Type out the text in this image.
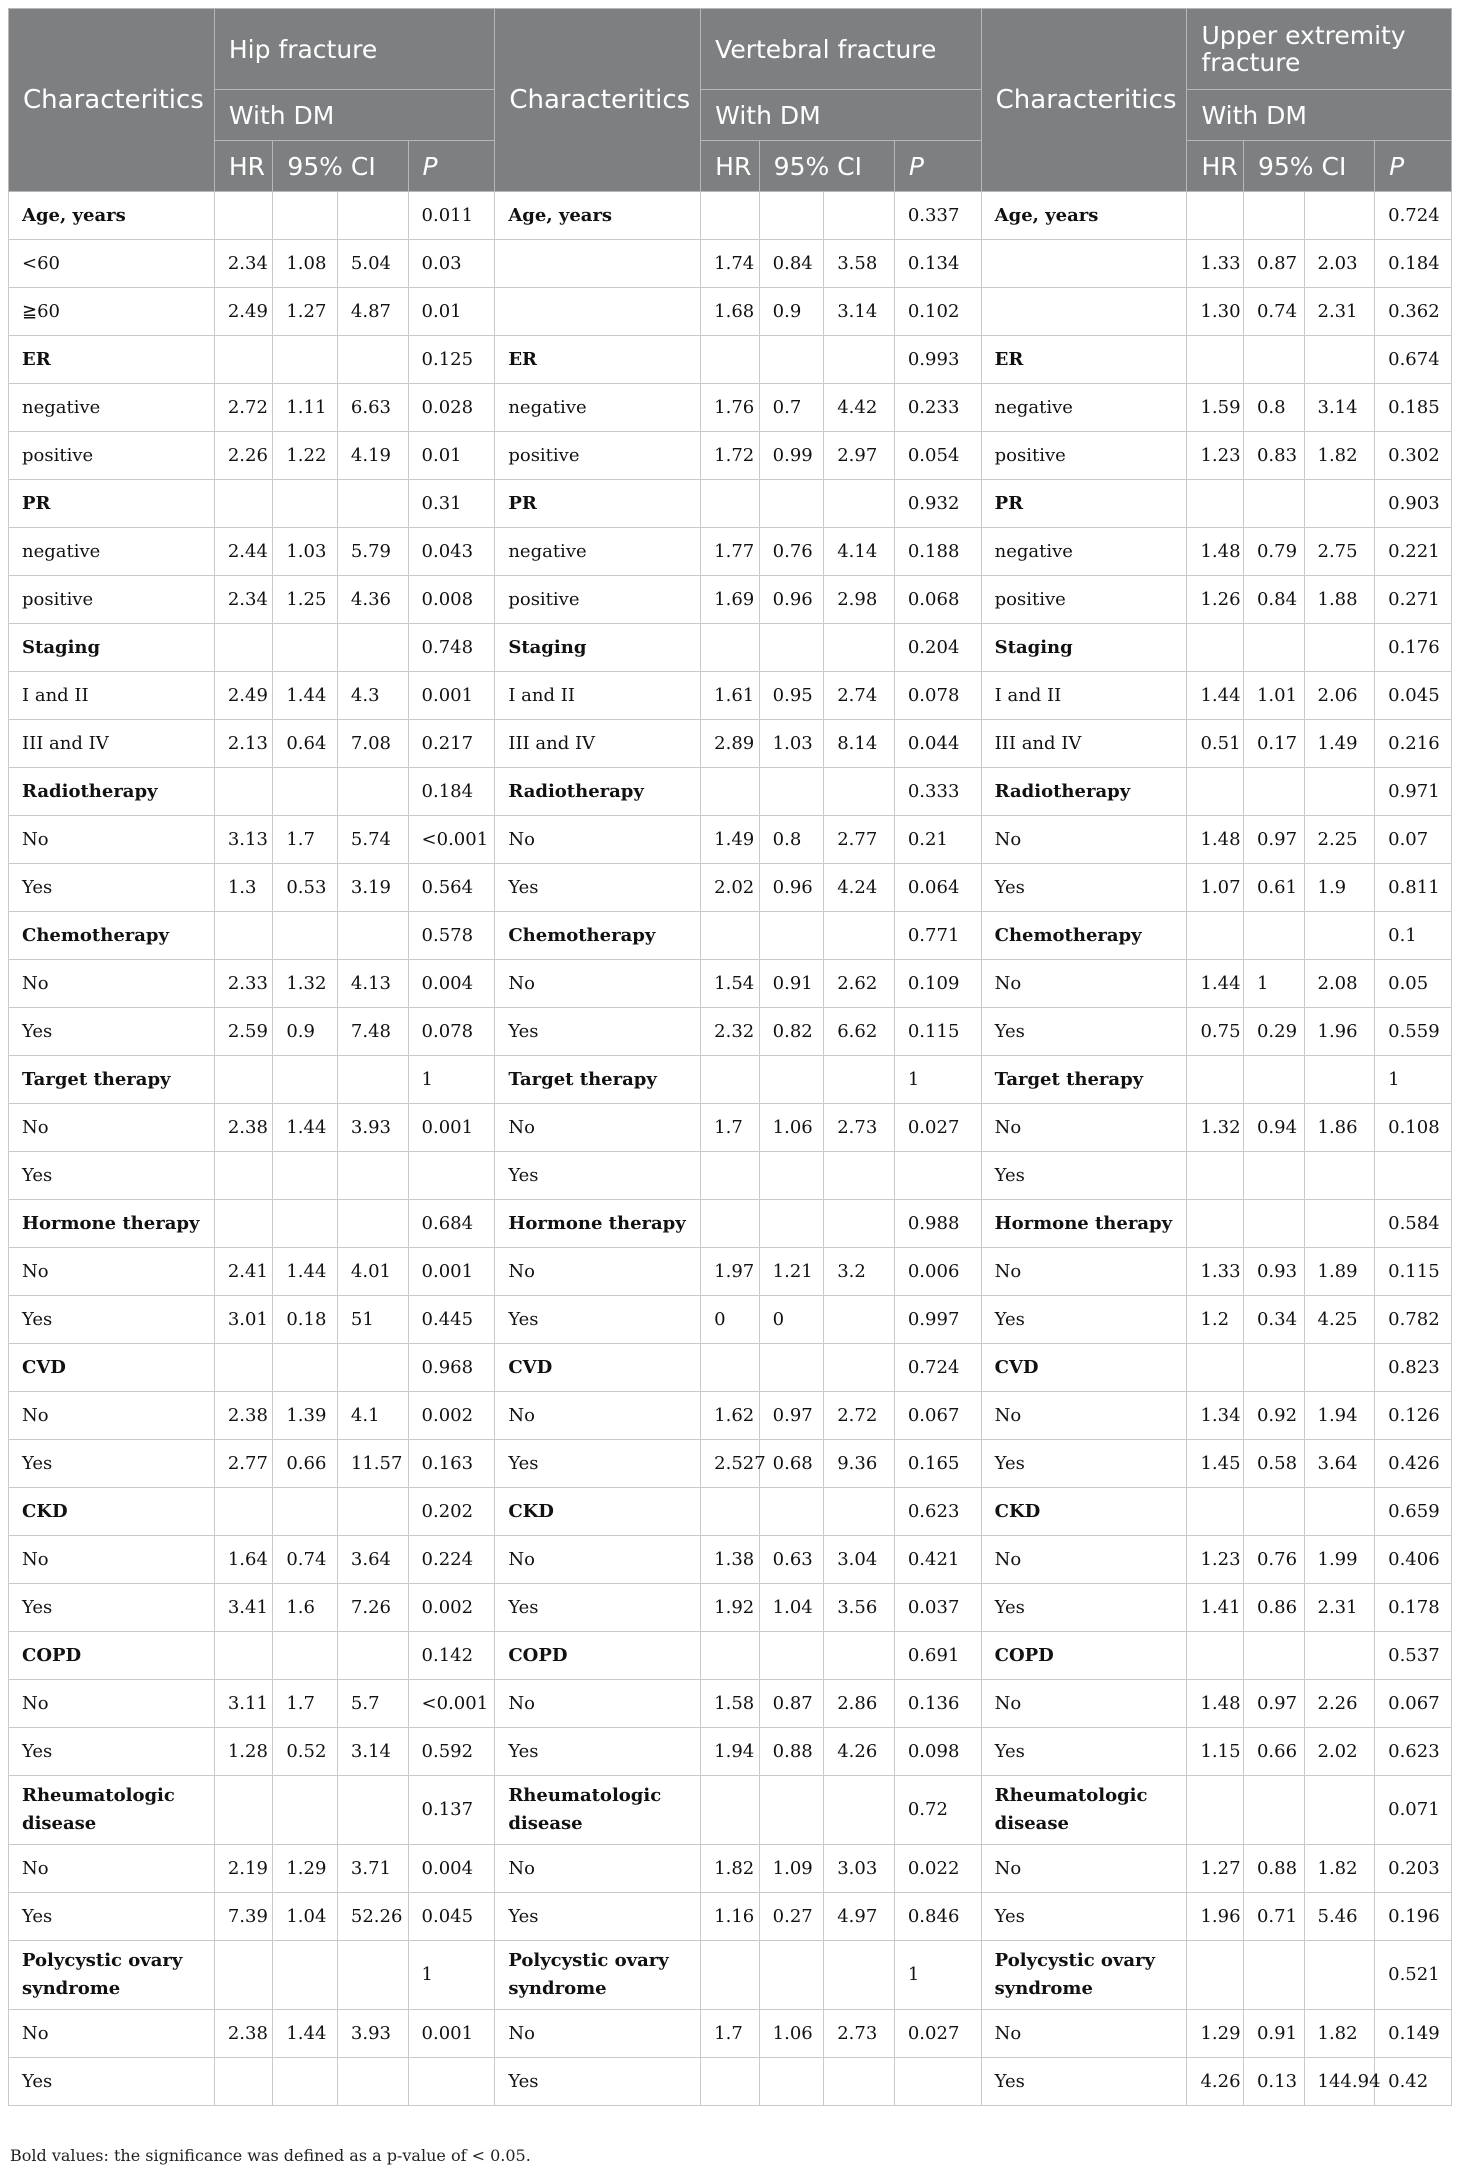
Characteritics	Hip fracture				Characteritics	Vertebral fracture				Characteritics	Upper extremity fracture			
	With DM					With DM					With DM			
	HR	95% CI		P		HR	95% CI		P		HR	95% CI		P
Age, years				0.011	Age, years				0.337	Age, years				0.724
<60	2.34	1.08	5.04	0.03		1.74	0.84	3.58	0.134		1.33	0.87	2.03	0.184
≧60	2.49	1.27	4.87	0.01		1.68	0.9	3.14	0.102		1.30	0.74	2.31	0.362
ER				0.125	ER				0.993	ER				0.674
negative	2.72	1.11	6.63	0.028	negative	1.76	0.7	4.42	0.233	negative	1.59	0.8	3.14	0.185
positive	2.26	1.22	4.19	0.01	positive	1.72	0.99	2.97	0.054	positive	1.23	0.83	1.82	0.302
PR				0.31	PR				0.932	PR				0.903
negative	2.44	1.03	5.79	0.043	negative	1.77	0.76	4.14	0.188	negative	1.48	0.79	2.75	0.221
positive	2.34	1.25	4.36	0.008	positive	1.69	0.96	2.98	0.068	positive	1.26	0.84	1.88	0.271
Staging				0.748	Staging				0.204	Staging				0.176
I and II	2.49	1.44	4.3	0.001	I and II	1.61	0.95	2.74	0.078	I and II	1.44	1.01	2.06	0.045
III and IV	2.13	0.64	7.08	0.217	III and IV	2.89	1.03	8.14	0.044	III and IV	0.51	0.17	1.49	0.216
Radiotherapy				0.184	Radiotherapy				0.333	Radiotherapy				0.971
No	3.13	1.7	5.74	<0.001	No	1.49	0.8	2.77	0.21	No	1.48	0.97	2.25	0.07
Yes	1.3	0.53	3.19	0.564	Yes	2.02	0.96	4.24	0.064	Yes	1.07	0.61	1.9	0.811
Chemotherapy				0.578	Chemotherapy				0.771	Chemotherapy				0.1
No	2.33	1.32	4.13	0.004	No	1.54	0.91	2.62	0.109	No	1.44	1	2.08	0.05
Yes	2.59	0.9	7.48	0.078	Yes	2.32	0.82	6.62	0.115	Yes	0.75	0.29	1.96	0.559
Target therapy				1	Target therapy				1	Target therapy				1
No	2.38	1.44	3.93	0.001	No	1.7	1.06	2.73	0.027	No	1.32	0.94	1.86	0.108
Yes					Yes					Yes				
Hormone therapy				0.684	Hormone therapy				0.988	Hormone therapy				0.584
No	2.41	1.44	4.01	0.001	No	1.97	1.21	3.2	0.006	No	1.33	0.93	1.89	0.115
Yes	3.01	0.18	51	0.445	Yes	0	0		0.997	Yes	1.2	0.34	4.25	0.782
CVD				0.968	CVD				0.724	CVD				0.823
No	2.38	1.39	4.1	0.002	No	1.62	0.97	2.72	0.067	No	1.34	0.92	1.94	0.126
Yes	2.77	0.66	11.57	0.163	Yes	2.527	0.68	9.36	0.165	Yes	1.45	0.58	3.64	0.426
CKD				0.202	CKD				0.623	CKD				0.659
No	1.64	0.74	3.64	0.224	No	1.38	0.63	3.04	0.421	No	1.23	0.76	1.99	0.406
Yes	3.41	1.6	7.26	0.002	Yes	1.92	1.04	3.56	0.037	Yes	1.41	0.86	2.31	0.178
COPD				0.142	COPD				0.691	COPD				0.537
No	3.11	1.7	5.7	<0.001	No	1.58	0.87	2.86	0.136	No	1.48	0.97	2.26	0.067
Yes	1.28	0.52	3.14	0.592	Yes	1.94	0.88	4.26	0.098	Yes	1.15	0.66	2.02	0.623
Rheumatologic disease				0.137	Rheumatologic disease				0.72	Rheumatologic disease				0.071
No	2.19	1.29	3.71	0.004	No	1.82	1.09	3.03	0.022	No	1.27	0.88	1.82	0.203
Yes	7.39	1.04	52.26	0.045	Yes	1.16	0.27	4.97	0.846	Yes	1.96	0.71	5.46	0.196
Polycystic ovary syndrome				1	Polycystic ovary syndrome				1	Polycystic ovary syndrome				0.521
No	2.38	1.44	3.93	0.001	No	1.7	1.06	2.73	0.027	No	1.29	0.91	1.82	0.149
Yes					Yes					Yes	4.26	0.13	144.94	0.42
Bold values: the significance was defined as a p-value of < 0.05.
